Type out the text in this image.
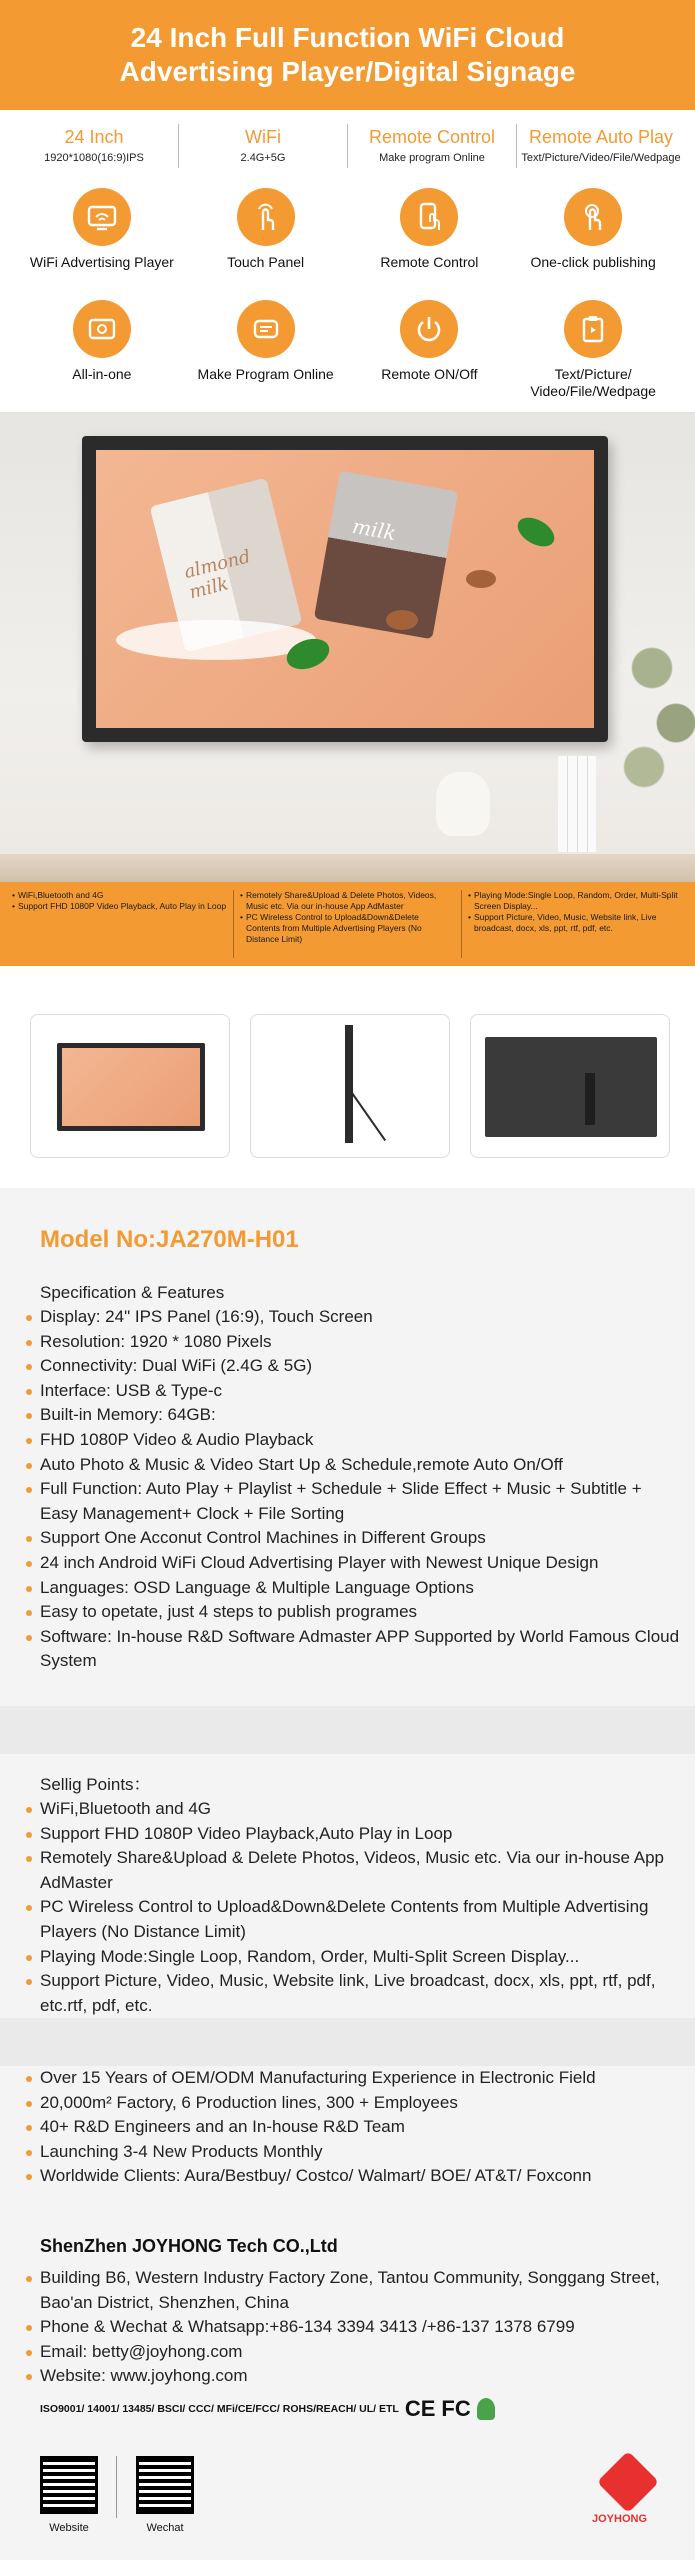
24 Inch Full Function WiFi Cloud
Advertising Player/Digital Signage
24 Inch
1920*1080(16:9)IPS
WiFi
2.4G+5G
Remote Control
Make program Online
Remote Auto Play
Text/Picture/Video/File/Wedpage
WiFi Advertising Player	Touch Panel	Remote Control	One-click publishing
All-in-one	Make Program Online	Remote ON/Off	Text/Picture/ Video/File/Wedpage
almond milk
milk
• WiFi,Bluetooth and 4G
• Support FHD 1080P Video Playback, Auto Play in Loop
• Remotely Share&Upload & Delete Photos, Videos, Music etc. Via our in-house App AdMaster
• PC Wireless Control to Upload&Down&Delete Contents from Multiple Advertising Players (No Distance Limit)
• Playing Mode:Single Loop, Random, Order, Multi-Split Screen Display...
• Support Picture, Video, Music, Website link, Live broadcast, docx, xls, ppt, rtf, pdf, etc.
Model No:JA270M-H01
Specification & Features
Display: 24" IPS Panel (16:9), Touch Screen
Resolution: 1920 * 1080 Pixels
Connectivity: Dual WiFi (2.4G & 5G)
Interface: USB & Type-c
Built-in Memory: 64GB:
FHD 1080P Video & Audio Playback
Auto Photo & Music & Video Start Up & Schedule,remote Auto On/Off
Full Function: Auto Play + Playlist + Schedule + Slide Effect + Music + Subtitle + Easy Management+ Clock + File Sorting
Support One Acconut Control Machines in Different Groups
24 inch Android WiFi Cloud Advertising Player with Newest Unique Design
Languages: OSD Language & Multiple Language Options
Easy to opetate, just 4 steps to publish programes
Software: In-house R&D Software Admaster APP Supported by World Famous Cloud System
Sellig Points：
WiFi,Bluetooth and 4G
Support FHD 1080P Video Playback,Auto Play in Loop
Remotely Share&Upload & Delete Photos, Videos, Music etc. Via our in-house App AdMaster
PC Wireless Control to Upload&Down&Delete Contents from Multiple Advertising Players (No Distance Limit)
Playing Mode:Single Loop, Random, Order, Multi-Split Screen Display...
Support Picture, Video, Music, Website link, Live broadcast, docx, xls, ppt, rtf, pdf, etc.rtf, pdf, etc.
Over 15 Years of OEM/ODM Manufacturing Experience in Electronic Field
20,000m² Factory, 6 Production lines, 300 + Employees
40+ R&D Engineers and an In-house R&D Team
Launching 3-4 New Products Monthly
Worldwide Clients: Aura/Bestbuy/ Costco/ Walmart/ BOE/ AT&T/ Foxconn
ShenZhen JOYHONG Tech CO.,Ltd
Building B6, Western Industry Factory Zone, Tantou Community, Songgang Street, Bao'an District, Shenzhen, China
Phone & Wechat & Whatsapp:+86-134 3394 3413 /+86-137 1378 6799
Email: betty@joyhong.com
Website: www.joyhong.com
ISO9001/ 14001/ 13485/ BSCI/ CCC/ MFi/CE/FCC/ ROHS/REACH/ UL/ ETL CE FC
Website	Wechat
JOYHONG
